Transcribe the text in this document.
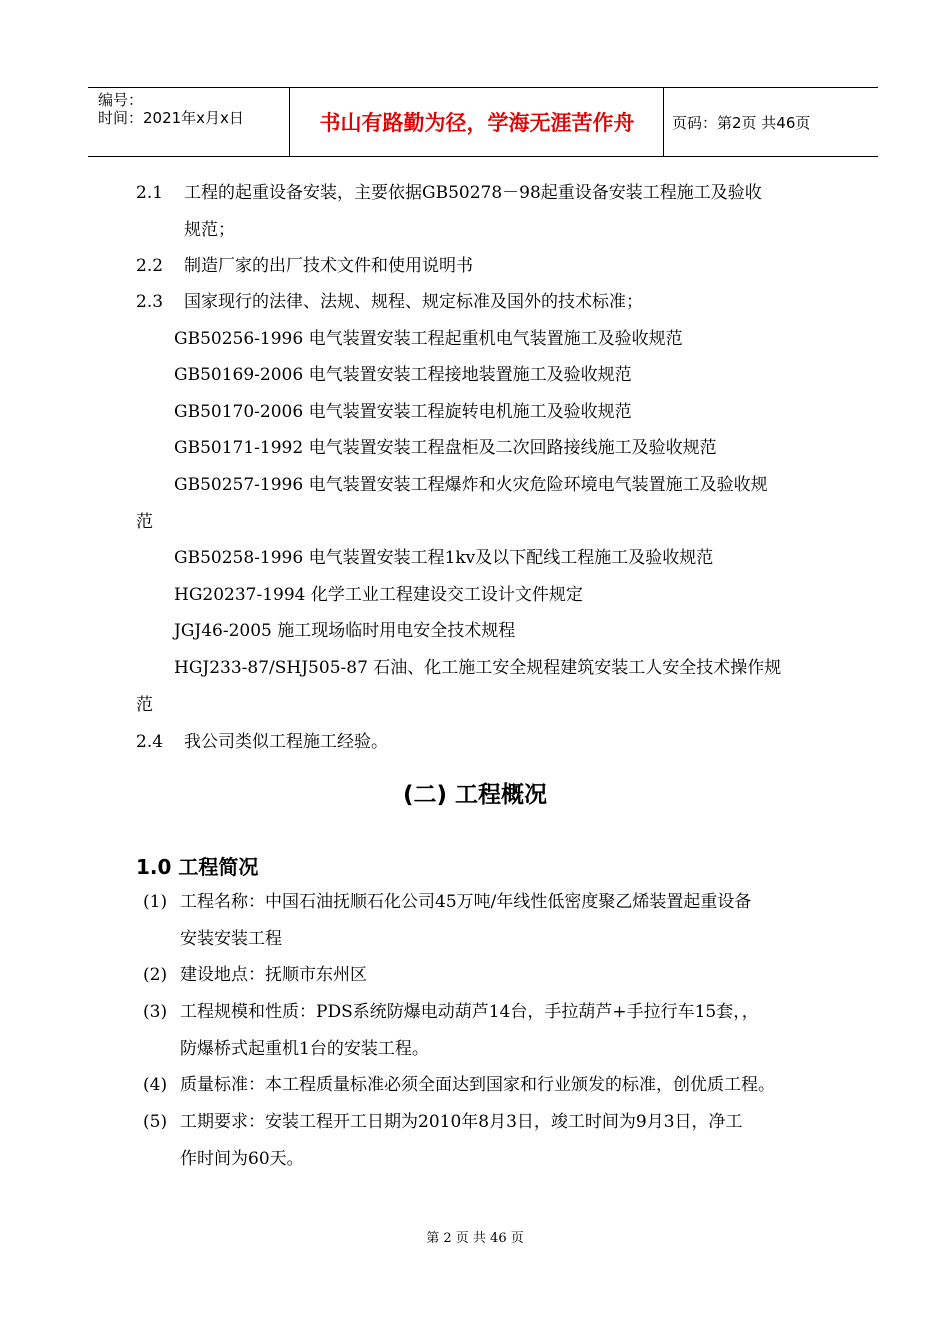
编号：
时间：2021年x月x日	书山有路勤为径，学海无涯苦作舟	页码：第2页 共46页
2.1 工程的起重设备安装，主要依据GB50278－98起重设备安装工程施工及验收
规范；
2.2 制造厂家的出厂技术文件和使用说明书
2.3 国家现行的法律、法规、规程、规定标准及国外的技术标准；
GB50256-1996 电气装置安装工程起重机电气装置施工及验收规范
GB50169-2006 电气装置安装工程接地装置施工及验收规范
GB50170-2006 电气装置安装工程旋转电机施工及验收规范
GB50171-1992 电气装置安装工程盘柜及二次回路接线施工及验收规范
GB50257-1996 电气装置安装工程爆炸和火灾危险环境电气装置施工及验收规
范
GB50258-1996 电气装置安装工程1kv及以下配线工程施工及验收规范
HG20237-1994 化学工业工程建设交工设计文件规定
JGJ46-2005 施工现场临时用电安全技术规程
HGJ233-87/SHJ505-87 石油、化工施工安全规程建筑安装工人安全技术操作规
范
2.4 我公司类似工程施工经验。
(二) 工程概况
1.0 工程简况
(1) 工程名称：中国石油抚顺石化公司45万吨/年线性低密度聚乙烯装置起重设备
安装安装工程
(2) 建设地点：抚顺市东州区
(3) 工程规模和性质：PDS系统防爆电动葫芦14台，手拉葫芦+手拉行车15套，，
防爆桥式起重机1台的安装工程。
(4) 质量标准：本工程质量标准必须全面达到国家和行业颁发的标准，创优质工程。
(5) 工期要求：安装工程开工日期为2010年8月3日，竣工时间为9月3日，净工
作时间为60天。
第 2 页 共 46 页
